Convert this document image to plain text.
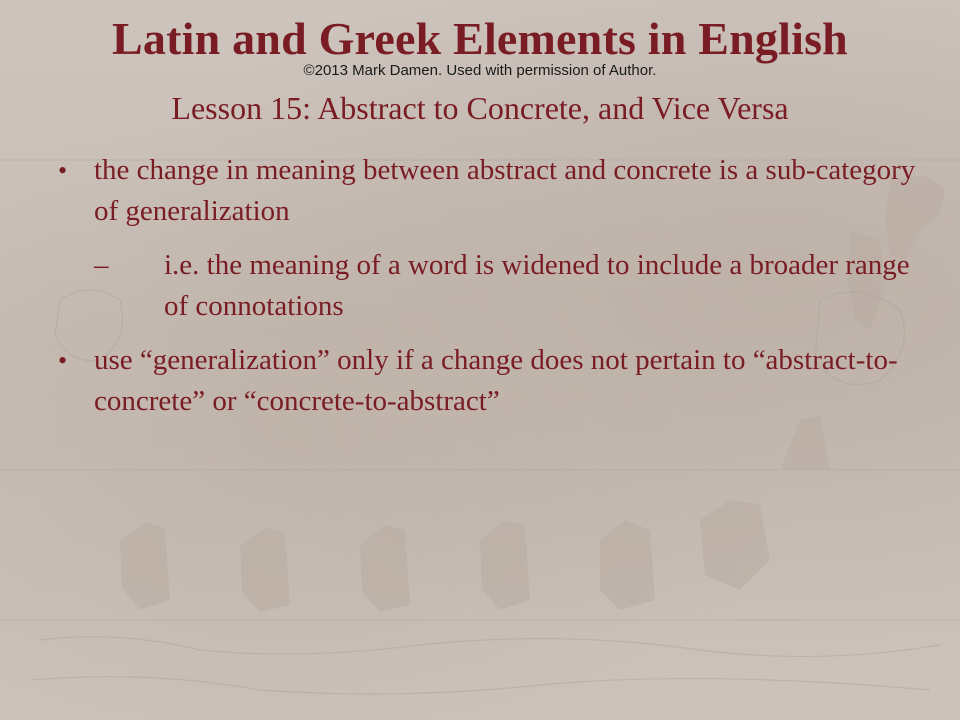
Latin and Greek Elements in English
©2013 Mark Damen. Used with permission of Author.
Lesson 15: Abstract to Concrete, and Vice Versa
• the change in meaning between abstract and concrete is a sub-category of generalization
– i.e. the meaning of a word is widened to include a broader range of connotations
• use “generalization” only if a change does not pertain to “abstract-to-concrete” or “concrete-to-abstract”
